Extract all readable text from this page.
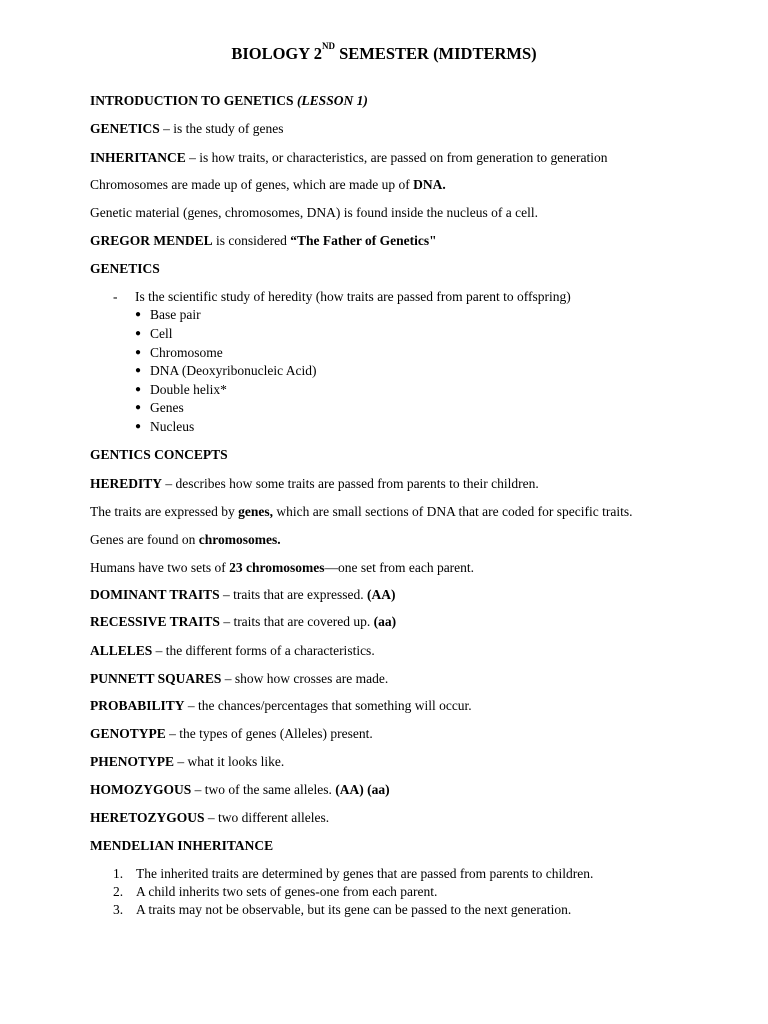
BIOLOGY 2ND SEMESTER (MIDTERMS)
INTRODUCTION TO GENETICS (LESSON 1)
GENETICS – is the study of genes
INHERITANCE – is how traits, or characteristics, are passed on from generation to generation
Chromosomes are made up of genes, which are made up of DNA.
Genetic material (genes, chromosomes, DNA) is found inside the nucleus of a cell.
GREGOR MENDEL is considered “The Father of Genetics"
GENETICS
- Is the scientific study of heredity (how traits are passed from parent to offspring)
● Base pair
● Cell
● Chromosome
● DNA (Deoxyribonucleic Acid)
● Double helix*
● Genes
● Nucleus
GENTICS CONCEPTS
HEREDITY – describes how some traits are passed from parents to their children.
The traits are expressed by genes, which are small sections of DNA that are coded for specific traits.
Genes are found on chromosomes.
Humans have two sets of 23 chromosomes—one set from each parent.
DOMINANT TRAITS – traits that are expressed. (AA)
RECESSIVE TRAITS – traits that are covered up. (aa)
ALLELES – the different forms of a characteristics.
PUNNETT SQUARES – show how crosses are made.
PROBABILITY – the chances/percentages that something will occur.
GENOTYPE – the types of genes (Alleles) present.
PHENOTYPE – what it looks like.
HOMOZYGOUS – two of the same alleles. (AA) (aa)
HERETOZYGOUS – two different alleles.
MENDELIAN INHERITANCE
1. The inherited traits are determined by genes that are passed from parents to children.
2. A child inherits two sets of genes-one from each parent.
3. A traits may not be observable, but its gene can be passed to the next generation.
